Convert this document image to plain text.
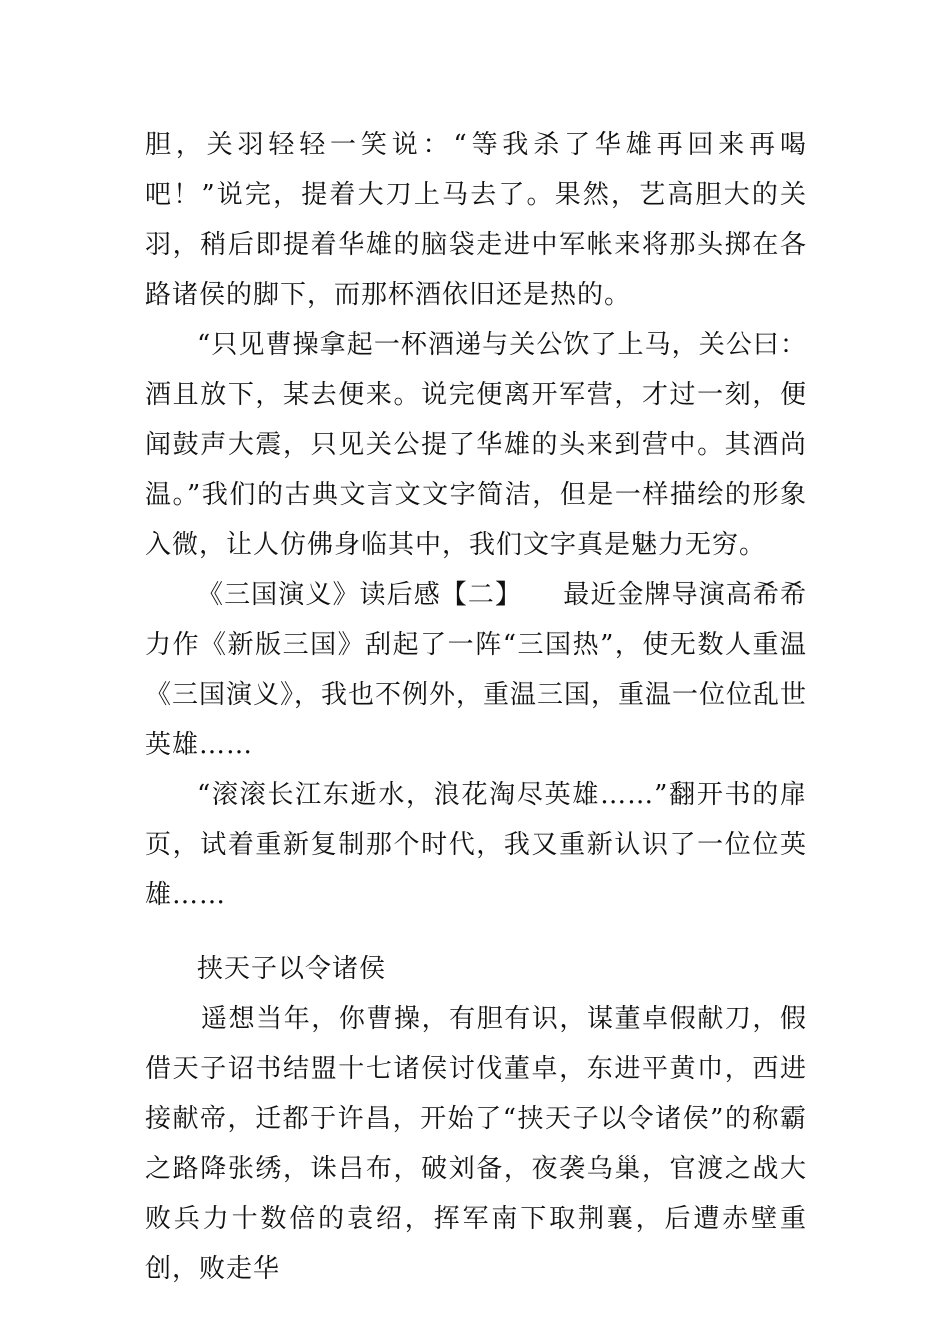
胆，关羽轻轻一笑说：“等我杀了华雄再回来再喝吧！”说完，提着大刀上马去了。果然，艺高胆大的关羽，稍后即提着华雄的脑袋走进中军帐来将那头掷在各路诸侯的脚下，而那杯酒依旧还是热的。

“只见曹操拿起一杯酒递与关公饮了上马，关公曰：酒且放下，某去便来。说完便离开军营，才过一刻，便闻鼓声大震，只见关公提了华雄的头来到营中。其酒尚温。”我们的古典文言文文字简洁，但是一样描绘的形象入微，让人仿佛身临其中，我们文字真是魅力无穷。

《三国演义》读后感【二】　　最近金牌导演高希希力作《新版三国》刮起了一阵“三国热”，使无数人重温《三国演义》，我也不例外，重温三国，重温一位位乱世英雄……

“滚滚长江东逝水，浪花淘尽英雄……”翻开书的扉页，试着重新复制那个时代，我又重新认识了一位位英雄……

挟天子以令诸侯

遥想当年，你曹操，有胆有识，谋董卓假献刀，假借天子诏书结盟十七诸侯讨伐董卓，东进平黄巾，西进接献帝，迁都于许昌，开始了“挟天子以令诸侯”的称霸之路降张绣，诛吕布，破刘备，夜袭乌巢，官渡之战大败兵力十数倍的袁绍，挥军南下取荆襄，后遭赤壁重创，败走华
